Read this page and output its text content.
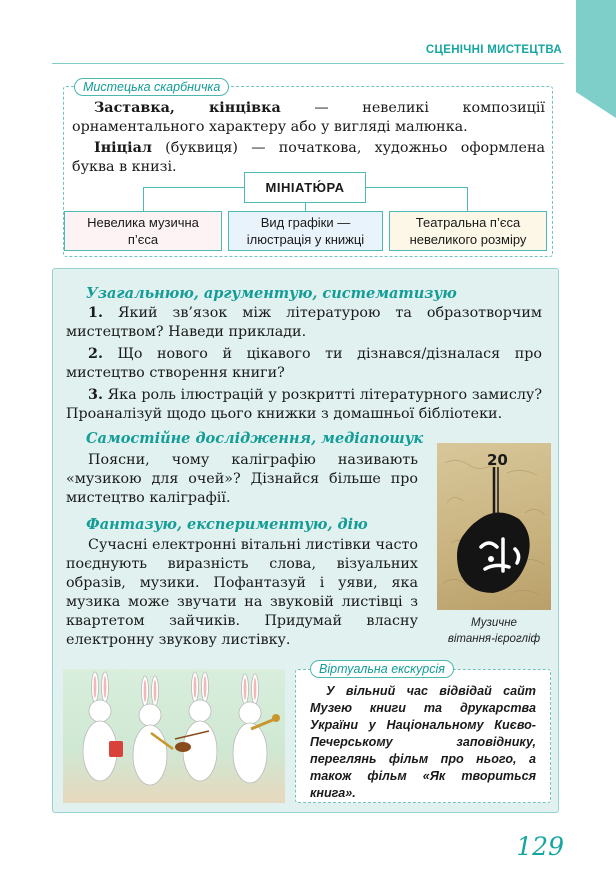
СЦЕНІЧНІ МИСТЕЦТВА
Мистецька скарбничка

Заставка, кінцівка — невеликі композиції орнаментального характеру або у вигляді малюнка.

Ініціал (буквиця) — початкова, художньо оформлена буква в книзі.

МІНІАТЮ́РА
Невелика музична
п’єса
Вид графіки —
ілюстрація у книжці
Театральна п’єса
невеликого розміру

Узагальнюю, аргументую, систематизую

1. Який зв’язок між літературою та образотворчим мистецтвом? Наведи приклади.

2. Що нового й цікавого ти дізнався/дізналася про мистецтво створення книги?

3. Яка роль ілюстрацій у розкритті літературного замислу? Проаналізуй щодо цього книжки з домашньої бібліотеки.

Самостійне дослідження, медіапошук

Поясни, чому каліграфію називають «музикою для очей»? Дізнайся більше про мистецтво каліграфії.

Фантазую, експериментую, дію

Сучасні електронні вітальні листівки часто поєднують виразність слова, візуальних образів, музики. Пофантазуй і уяви, яка музика може звучати на звуковій листівці з квартетом зайчиків. Придумай власну електронну звукову листівку.

20
Музичне
вітання-ієрогліф
Віртуальна екскурсія

У вільний час відвідай сайт Музею книги та друкарства України у Національному Києво-Печерському заповіднику, переглянь фільм про нього, а також фільм «Як твориться книга».

129
